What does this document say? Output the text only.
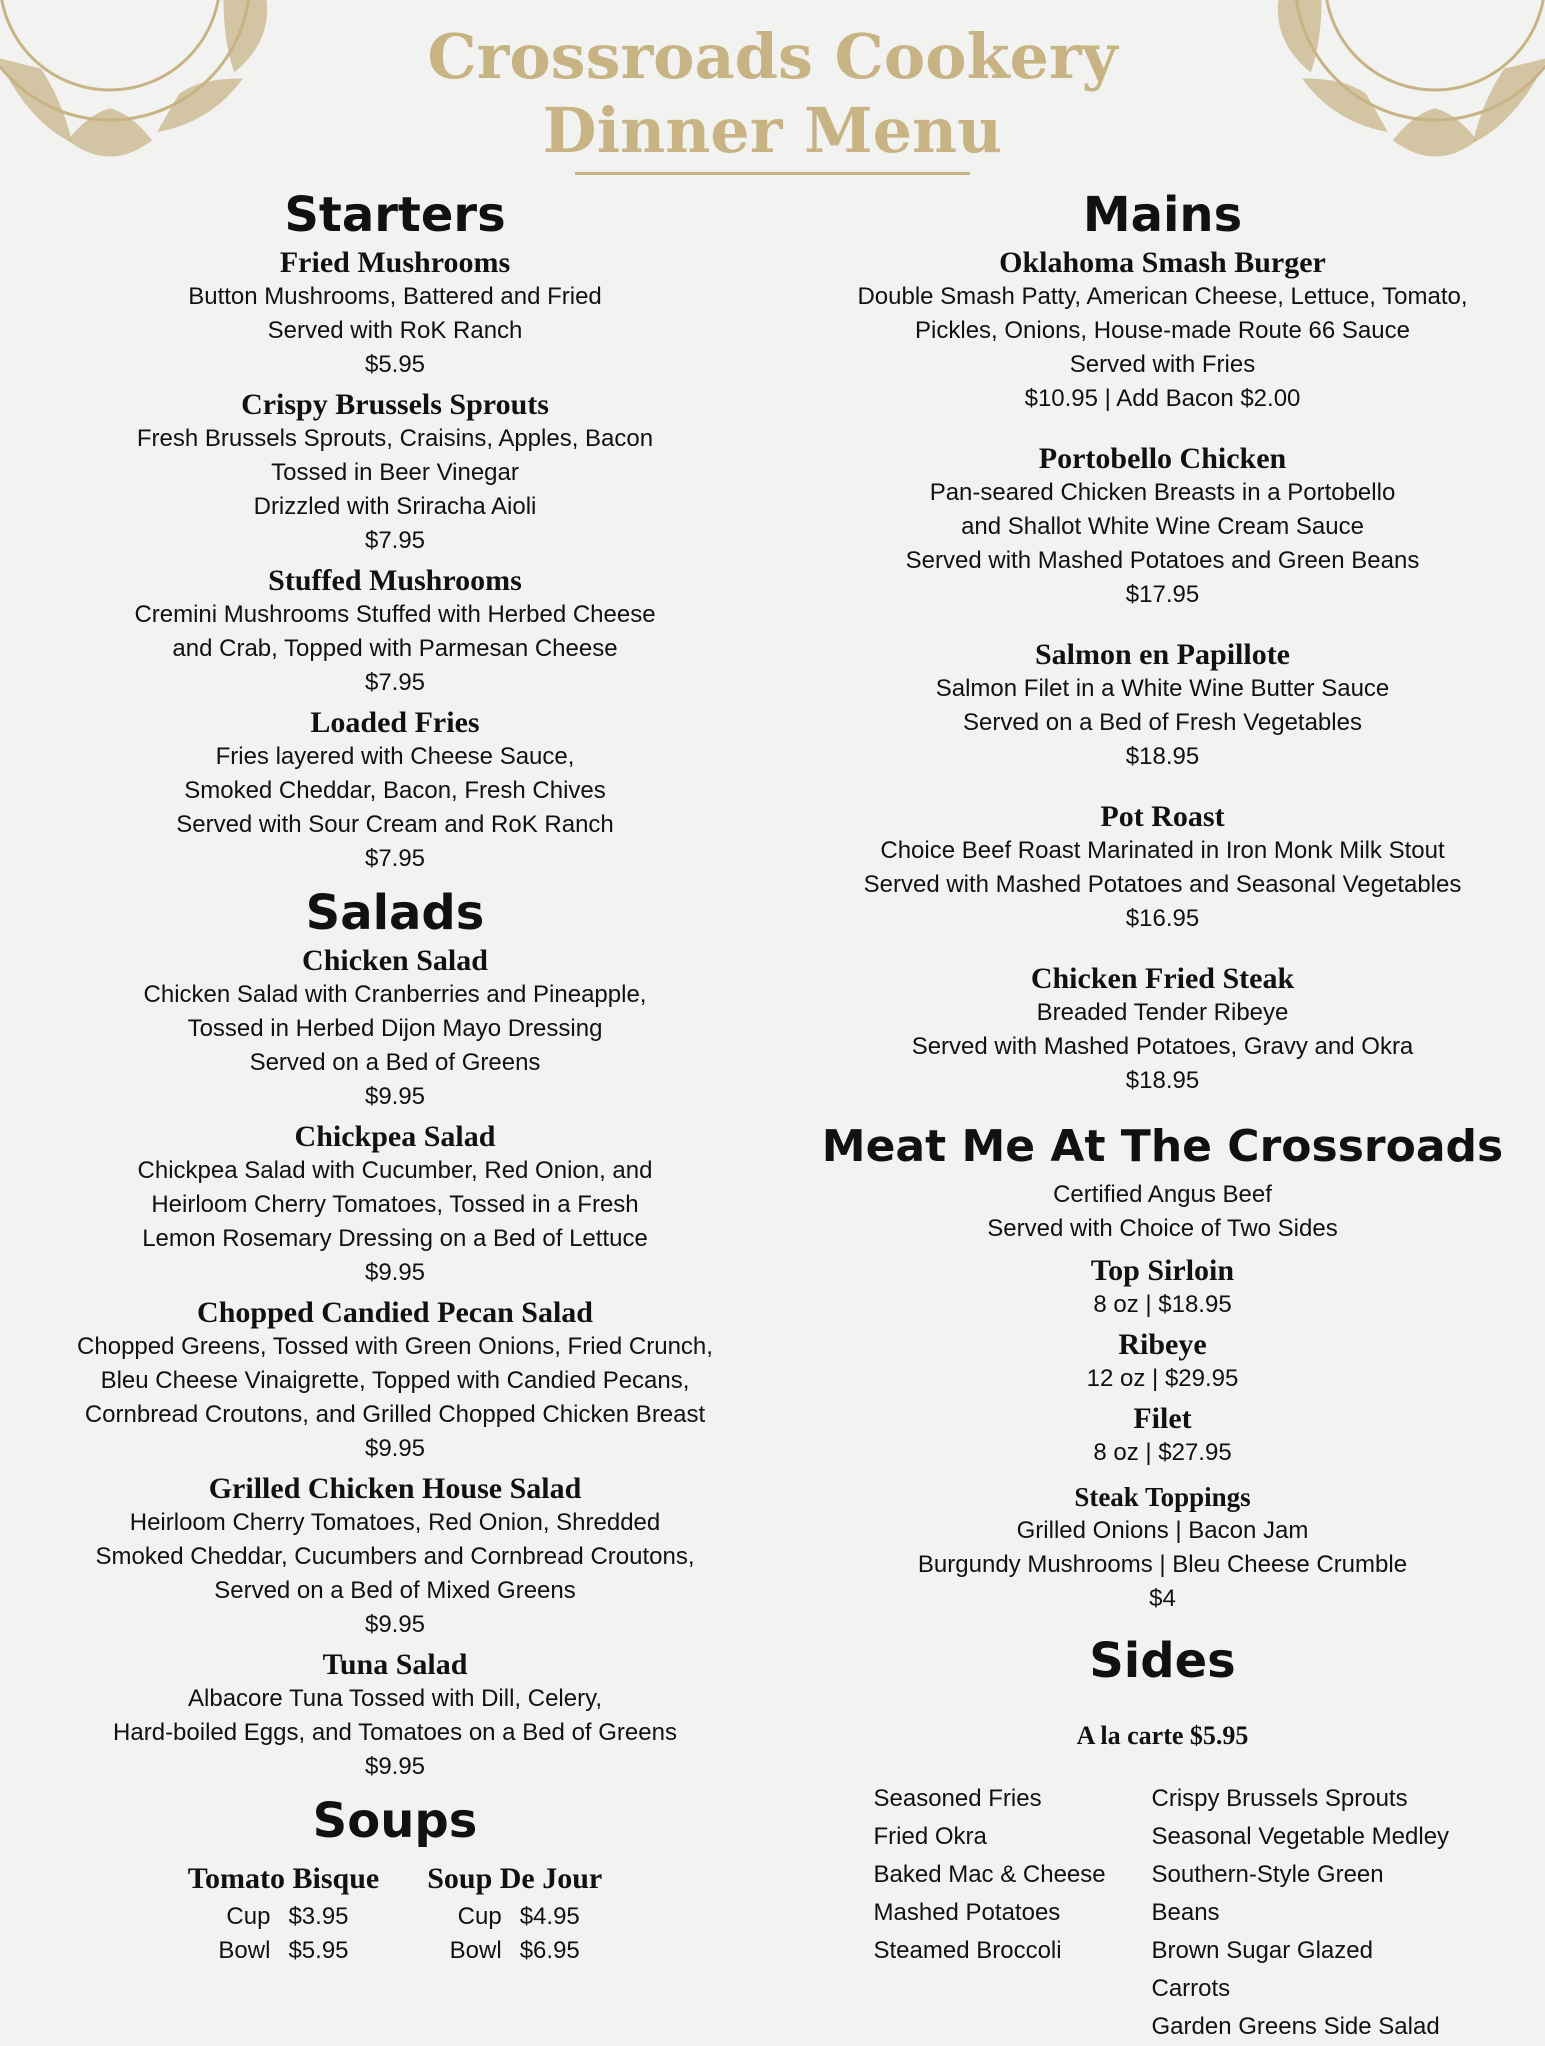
Crossroads Cookery
Dinner Menu
Starters

Fried Mushrooms

Button Mushrooms, Battered and Fried

Served with RoK Ranch

$5.95

Crispy Brussels Sprouts

Fresh Brussels Sprouts, Craisins, Apples, Bacon

Tossed in Beer Vinegar

Drizzled with Sriracha Aioli

$7.95

Stuffed Mushrooms

Cremini Mushrooms Stuffed with Herbed Cheese

and Crab, Topped with Parmesan Cheese

$7.95

Loaded Fries

Fries layered with Cheese Sauce,

Smoked Cheddar, Bacon, Fresh Chives

Served with Sour Cream and RoK Ranch

$7.95

Salads

Chicken Salad

Chicken Salad with Cranberries and Pineapple,

Tossed in Herbed Dijon Mayo Dressing

Served on a Bed of Greens

$9.95

Chickpea Salad

Chickpea Salad with Cucumber, Red Onion, and

Heirloom Cherry Tomatoes, Tossed in a Fresh

Lemon Rosemary Dressing on a Bed of Lettuce

$9.95

Chopped Candied Pecan Salad

Chopped Greens, Tossed with Green Onions, Fried Crunch,

Bleu Cheese Vinaigrette, Topped with Candied Pecans,

Cornbread Croutons, and Grilled Chopped Chicken Breast

$9.95

Grilled Chicken House Salad

Heirloom Cherry Tomatoes, Red Onion, Shredded

Smoked Cheddar, Cucumbers and Cornbread Croutons,

Served on a Bed of Mixed Greens

$9.95

Tuna Salad

Albacore Tuna Tossed with Dill, Celery,

Hard-boiled Eggs, and Tomatoes on a Bed of Greens

$9.95

Soups

Tomato Bisque

Cup $3.95
Bowl $5.95

Soup De Jour

Cup $4.95
Bowl $6.95
Mains

Oklahoma Smash Burger

Double Smash Patty, American Cheese, Lettuce, Tomato,

Pickles, Onions, House-made Route 66 Sauce

Served with Fries

$10.95 | Add Bacon $2.00

Portobello Chicken

Pan-seared Chicken Breasts in a Portobello

and Shallot White Wine Cream Sauce

Served with Mashed Potatoes and Green Beans

$17.95

Salmon en Papillote

Salmon Filet in a White Wine Butter Sauce

Served on a Bed of Fresh Vegetables

$18.95

Pot Roast

Choice Beef Roast Marinated in Iron Monk Milk Stout

Served with Mashed Potatoes and Seasonal Vegetables

$16.95

Chicken Fried Steak

Breaded Tender Ribeye

Served with Mashed Potatoes, Gravy and Okra

$18.95

Meat Me At The Crossroads

Certified Angus Beef

Served with Choice of Two Sides

Top Sirloin

8 oz | $18.95

Ribeye

12 oz | $29.95

Filet

8 oz | $27.95

Steak Toppings

Grilled Onions | Bacon Jam

Burgundy Mushrooms | Bleu Cheese Crumble

$4

Sides

A la carte $5.95

Seasoned Fries

Fried Okra

Baked Mac & Cheese

Mashed Potatoes

Steamed Broccoli

Crispy Brussels Sprouts

Seasonal Vegetable Medley

Southern-Style Green Beans

Brown Sugar Glazed Carrots

Garden Greens Side Salad
